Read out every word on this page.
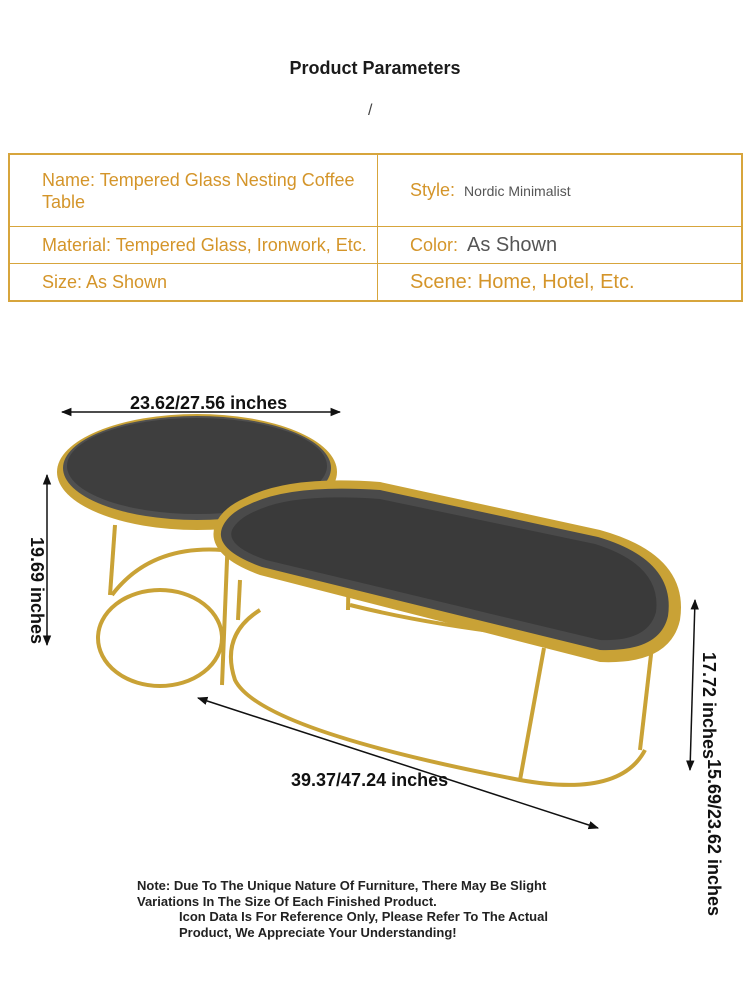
Product Parameters
/
Name: Tempered Glass Nesting Coffee Table	Style: Nordic Minimalist
Material: Tempered Glass, Ironwork, Etc.	Color: As Shown
Size: As Shown	Scene: Home, Hotel, Etc.
23.62/27.56 inches
19.69 inches
39.37/47.24 inches
17.72 inches
15.69/23.62 inches
Note: Due To The Unique Nature Of Furniture, There May Be Slight Variations In The Size Of Each Finished Product.
Icon Data Is For Reference Only, Please Refer To The Actual Product, We Appreciate Your Understanding!
